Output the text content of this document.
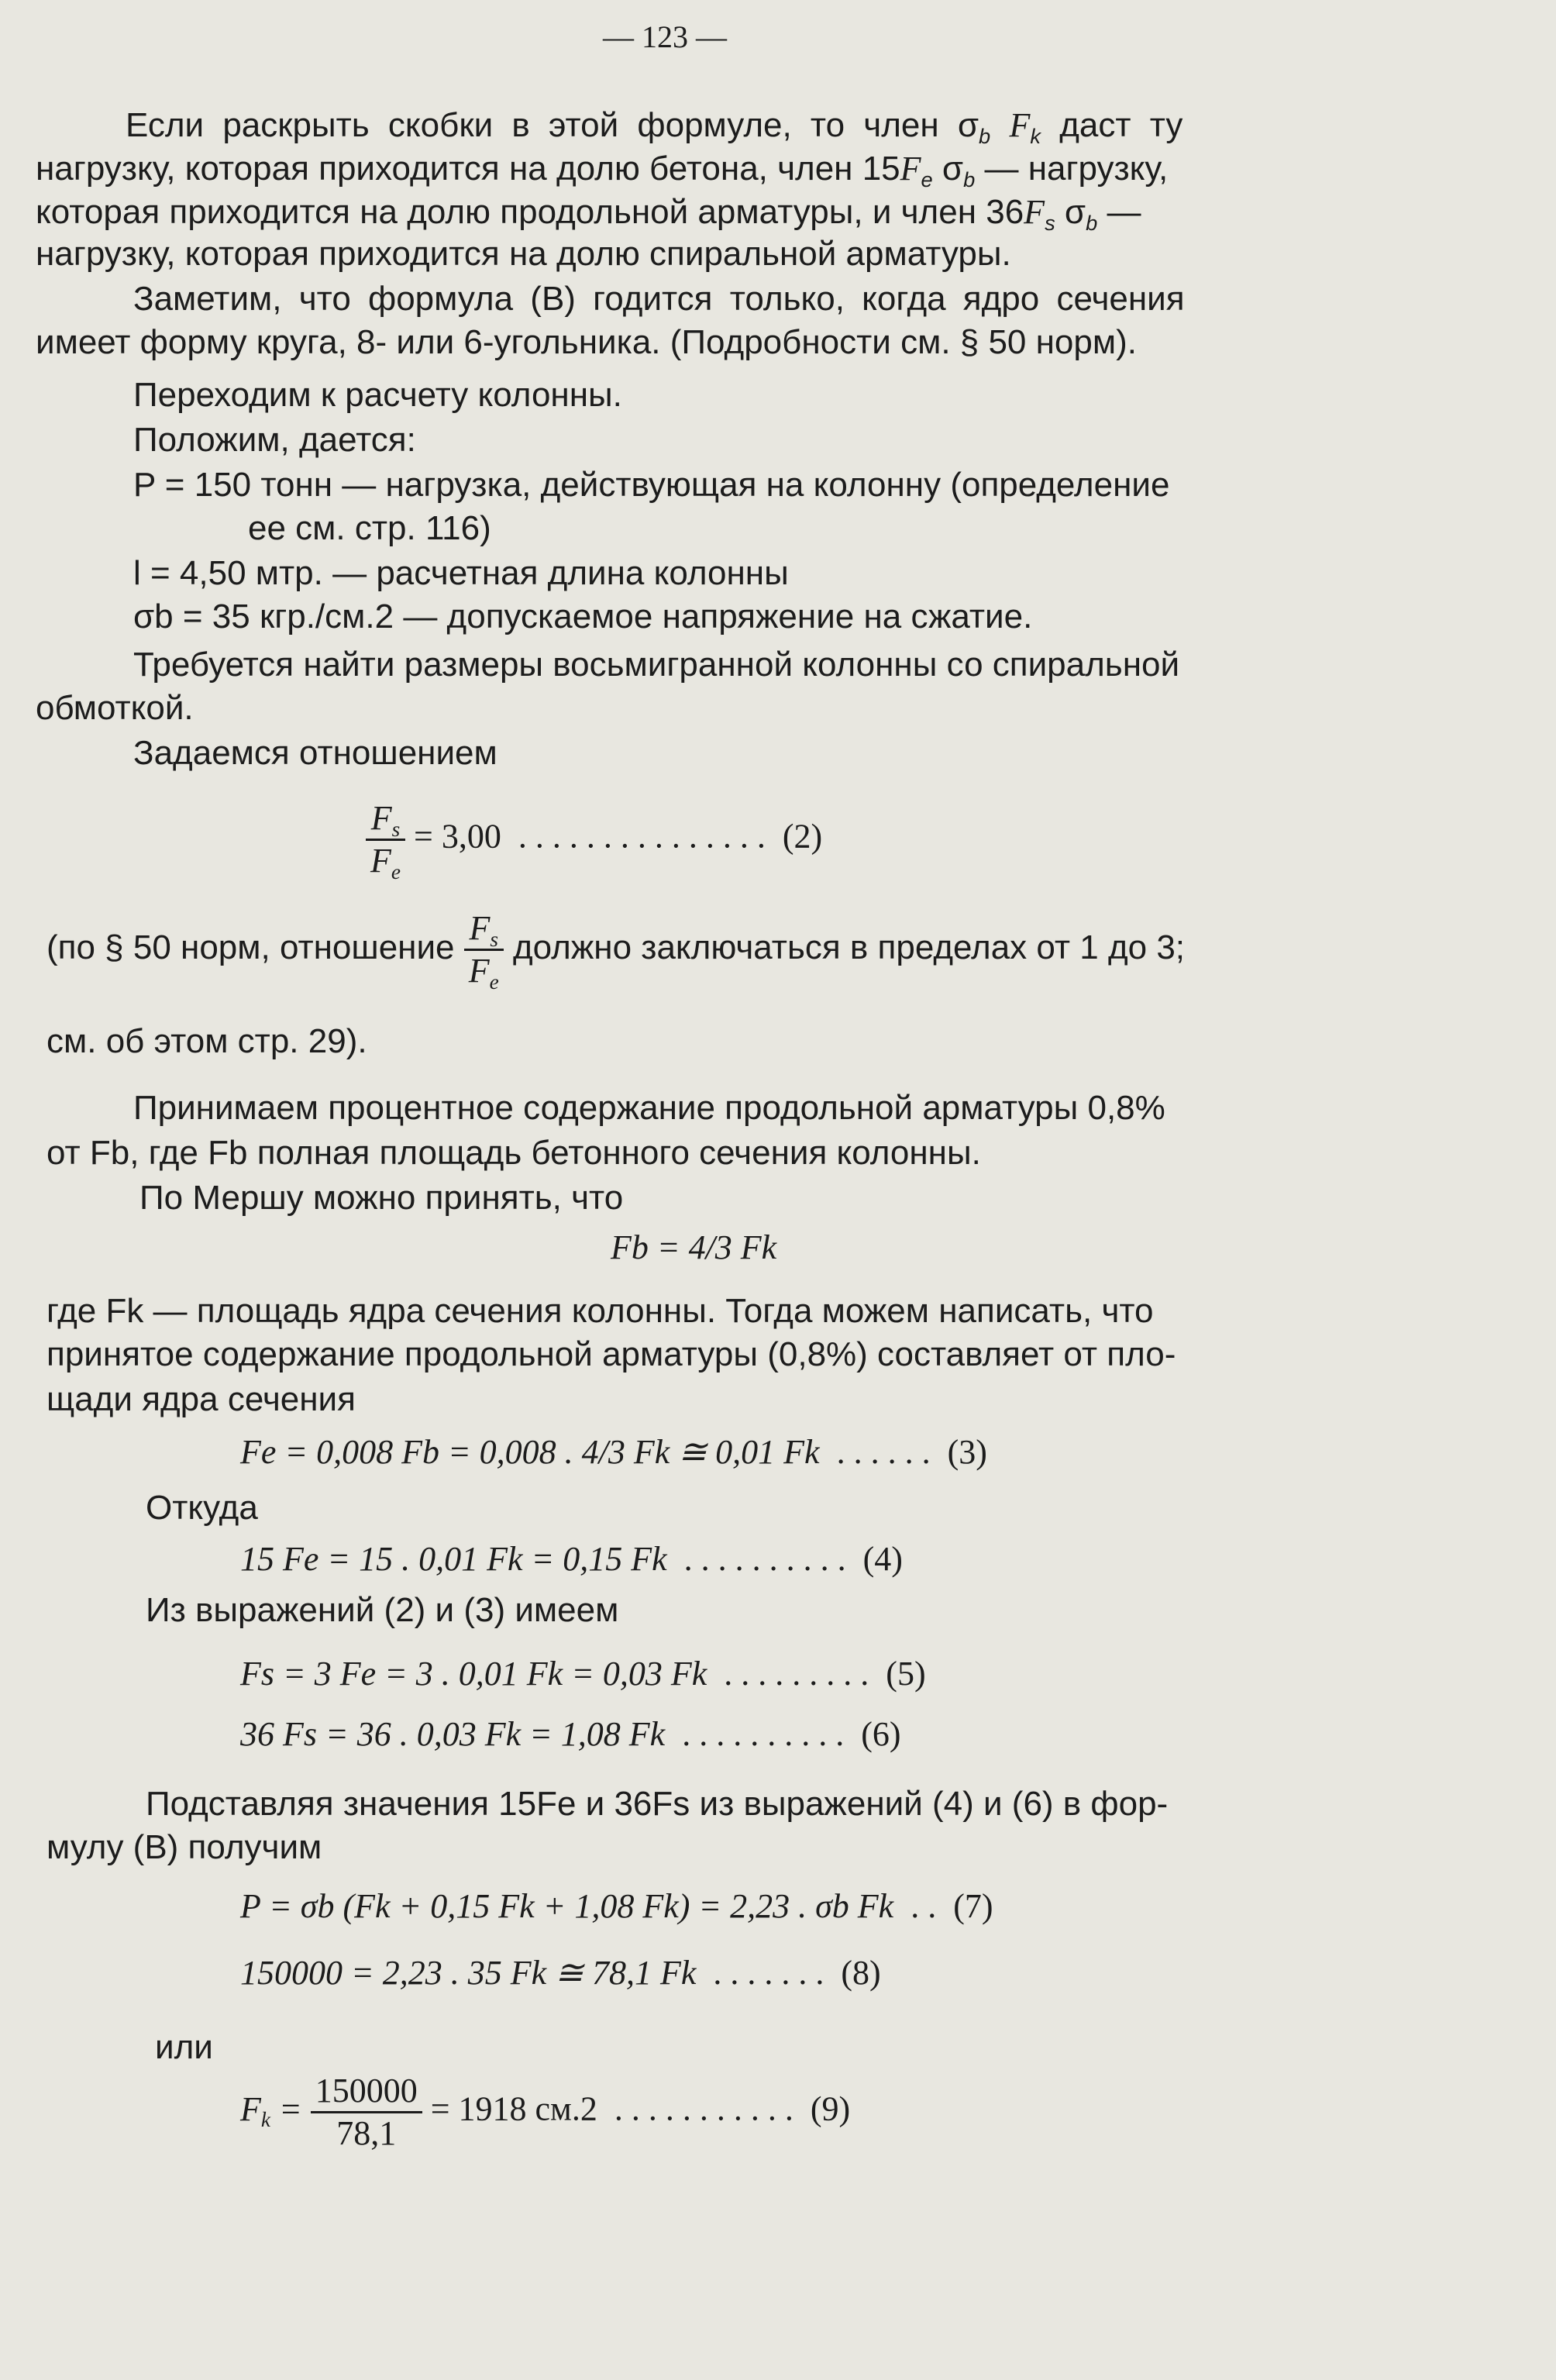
— 123 —
Если раскрыть скобки в этой формуле, то член σb Fk даст ту
нагрузку, которая приходится на долю бетона, член 15Fe σb — нагрузку,
которая приходится на долю продольной арматуры, и член 36Fs σb —
нагрузку, которая приходится на долю спиральной арматуры.
Заметим, что формула (B) годится только, когда ядро сечения
имеет форму круга, 8- или 6-угольника. (Подробности см. § 50 норм).
Переходим к расчету колонны.
Положим, дается:
P = 150 тонн — нагрузка, действующая на колонну (определение
ее см. стр. 116)
l = 4,50 мтр. — расчетная длина колонны
σb = 35 кгр./см.2 — допускаемое напряжение на сжатие.
Требуется найти размеры восьмигранной колонны со спиральной
обмоткой.
Задаемся отношением
$\frac{Fs}{Fe} = 3,00$  . . . . . . . . . . . . . . .  (2)
(по § 50 норм, отношение $\frac{Fs}{Fe}$ должно заключаться в пределах от 1 до 3;
см. об этом стр. 29).
Принимаем процентное содержание продольной арматуры 0,8%
от Fb, где Fb полная площадь бетонного сечения колонны.
По Мершу можно принять, что
Fb = 4/3 Fk
где Fk — площадь ядра сечения колонны. Тогда можем написать, что
принятое содержание продольной арматуры (0,8%) составляет от пло-
щади ядра сечения
Fe = 0,008 Fb = 0,008 . 4/3 Fk ≅ 0,01 Fk  . . . . . .  (3)
Откуда
15 Fe = 15 . 0,01 Fk = 0,15 Fk  . . . . . . . . . .  (4)
Из выражений (2) и (3) имеем
Fs = 3 Fe = 3 . 0,01 Fk = 0,03 Fk  . . . . . . . . .  (5)
36 Fs = 36 . 0,03 Fk = 1,08 Fk  . . . . . . . . . .  (6)
Подставляя значения 15Fe и 36Fs из выражений (4) и (6) в фор-
мулу (B) получим
P = σb (Fk + 0,15 Fk + 1,08 Fk) = 2,23 . σb Fk  . .  (7)
150000 = 2,23 . 35 Fk ≅ 78,1 Fk  . . . . . . .  (8)
или
$Fk = \frac{150000}{78,1} = 1918$ см.2  . . . . . . . . . . .  (9)
